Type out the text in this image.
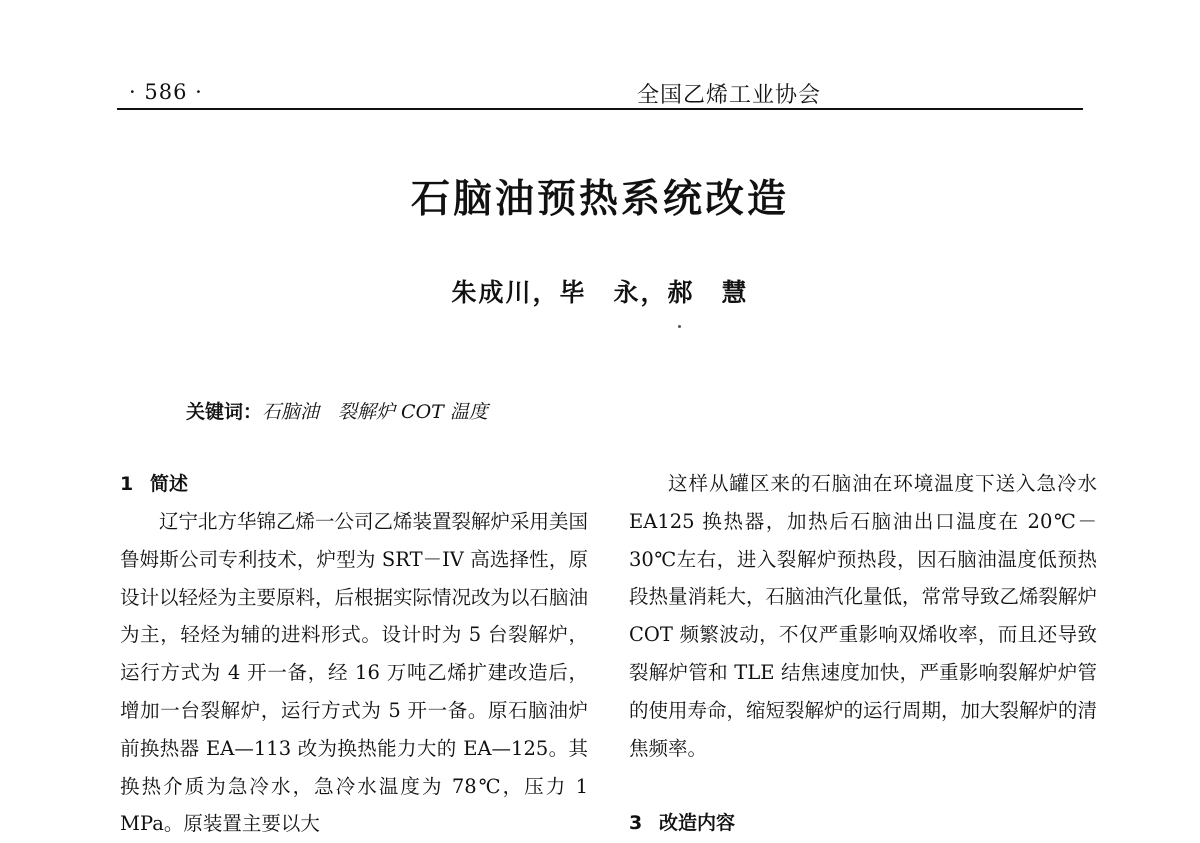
· 586 ·	全国乙烯工业协会
石脑油预热系统改造
朱成川，毕　永，郝　慧
关键词：石脑油　裂解炉 COT 温度
1 简述

辽宁北方华锦乙烯一公司乙烯装置裂解炉采用美国鲁姆斯公司专利技术，炉型为 SRT－IV 高选择性，原设计以轻烃为主要原料，后根据实际情况改为以石脑油为主，轻烃为辅的进料形式。设计时为 5 台裂解炉，运行方式为 4 开一备，经 16 万吨乙烯扩建改造后，增加一台裂解炉，运行方式为 5 开一备。原石脑油炉前换热器 EA—113 改为换热能力大的 EA—125。其换热介质为急冷水，急冷水温度为 78℃，压力 1 MPa。原装置主要以大

这样从罐区来的石脑油在环境温度下送入急冷水 EA125 换热器，加热后石脑油出口温度在 20℃－30℃左右，进入裂解炉预热段，因石脑油温度低预热段热量消耗大，石脑油汽化量低，常常导致乙烯裂解炉 COT 频繁波动，不仅严重影响双烯收率，而且还导致裂解炉管和 TLE 结焦速度加快，严重影响裂解炉炉管的使用寿命，缩短裂解炉的运行周期，加大裂解炉的清焦频率。

3 改造内容
